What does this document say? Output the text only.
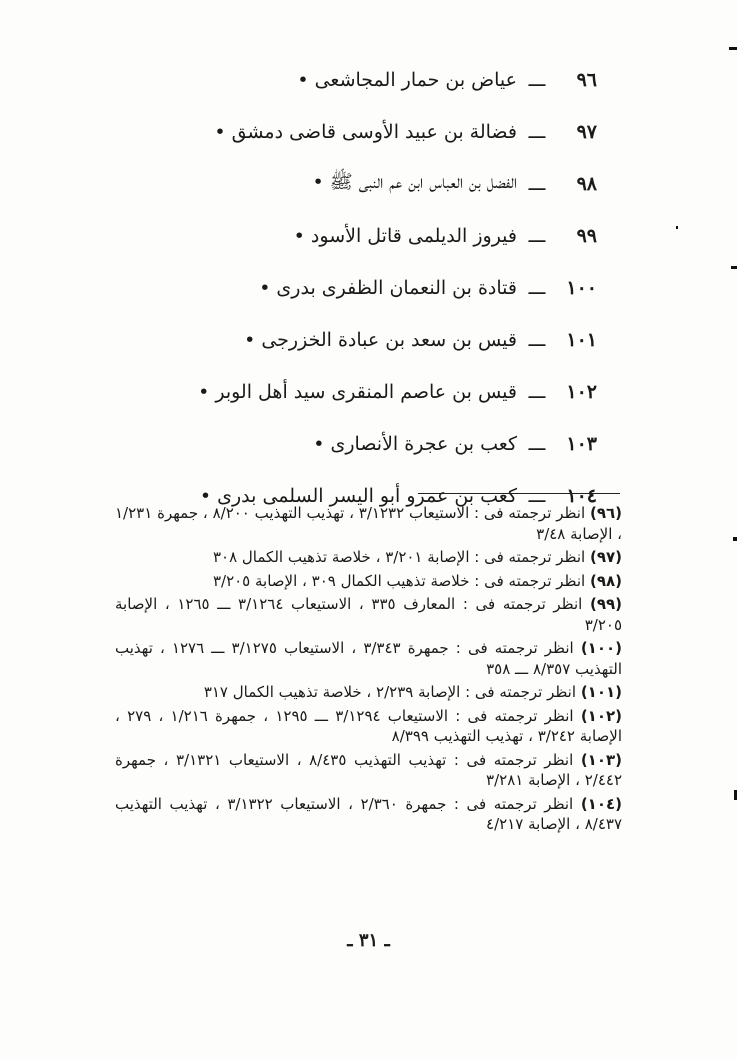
٩٦
ـــ
عياض بن حمار المجاشعى •
٩٧
ـــ
فضالة بن عبيد الأوسى قاضى دمشق •
٩٨
ـــ
الفضل بن العباس ابن عم النبى ﷺ •
٩٩
ـــ
فيروز الديلمى قاتل الأسود •
١٠٠
ـــ
قتادة بن النعمان الظفرى بدرى •
١٠١
ـــ
قيس بن سعد بن عبادة الخزرجى •
١٠٢
ـــ
قيس بن عاصم المنقرى سيد أهل الوبر •
١٠٣
ـــ
كعب بن عجرة الأنصارى •
١٠٤
ـــ
كعب بن عمرو أبو اليسر السلمى بدرى •

(٩٦) انظر ترجمته فى : الاستيعاب ٣/١٢٣٢ ، تهذيب التهذيب ٨/٢٠٠ ، جمهرة ١/٢٣١ ، الإصابة ٣/٤٨

(٩٧) انظر ترجمته فى : الإصابة ٣/٢٠١ ، خلاصة تذهيب الكمال ٣٠٨

(٩٨) انظر ترجمته فى : خلاصة تذهيب الكمال ٣٠٩ ، الإصابة ٣/٢٠٥

(٩٩) انظر ترجمته فى : المعارف ٣٣٥ ، الاستيعاب ٣/١٢٦٤ ـــ ١٢٦٥ ، الإصابة ٣/٢٠٥

(١٠٠) انظر ترجمته فى : جمهرة ٣/٣٤٣ ، الاستيعاب ٣/١٢٧٥ ـــ ١٢٧٦ ، تهذيب التهذيب ٨/٣٥٧ ـــ ٣٥٨

(١٠١) انظر ترجمته فى : الإصابة ٢/٢٣٩ ، خلاصة تذهيب الكمال ٣١٧

(١٠٢) انظر ترجمته فى : الاستيعاب ٣/١٢٩٤ ـــ ١٢٩٥ ، جمهرة ١/٢١٦ ، ٢٧٩ ، الإصابة ٣/٢٤٢ ، تهذيب التهذيب ٨/٣٩٩

(١٠٣) انظر ترجمته فى : تهذيب التهذيب ٨/٤٣٥ ، الاستيعاب ٣/١٣٢١ ، جمهرة ٢/٤٤٢ ، الإصابة ٣/٢٨١

(١٠٤) انظر ترجمته فى : جمهرة ٢/٣٦٠ ، الاستيعاب ٣/١٣٢٢ ، تهذيب التهذيب ٨/٤٣٧ ، الإصابة ٤/٢١٧

ـ ٣١ ـ
